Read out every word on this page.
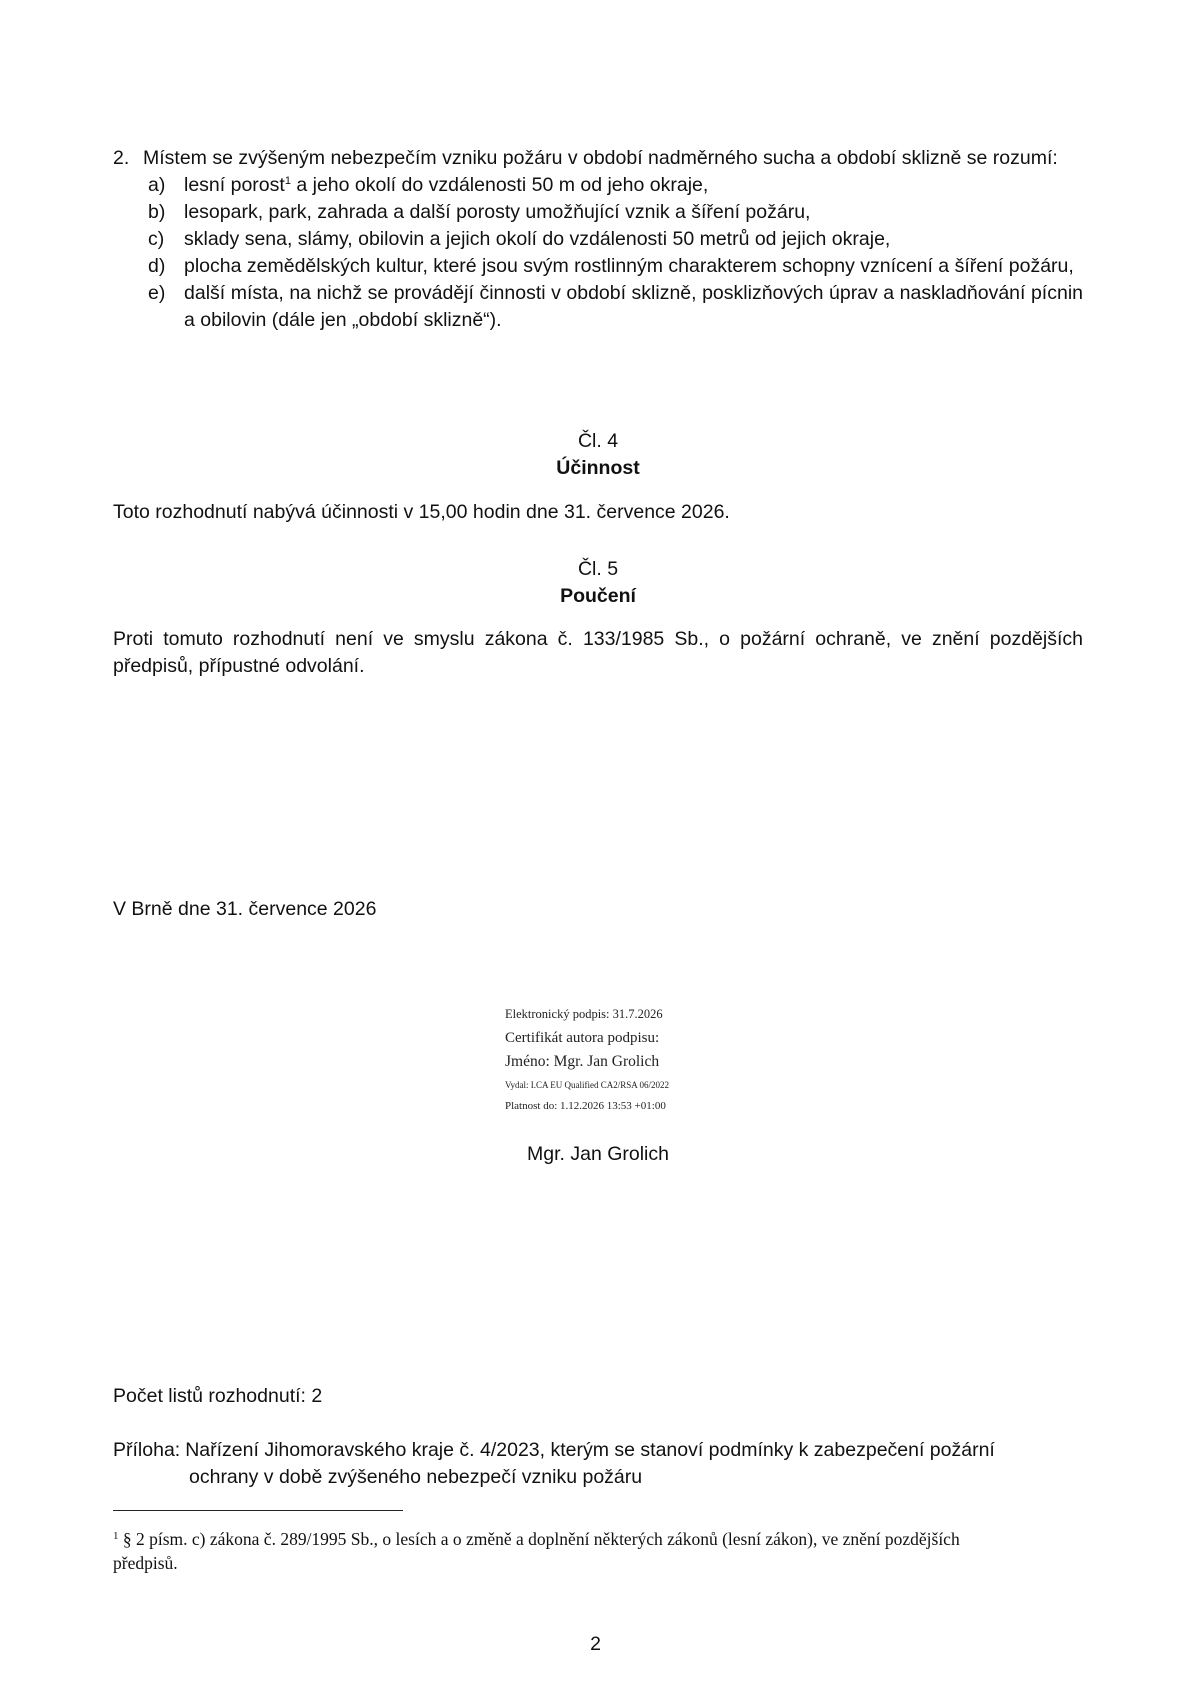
2. Místem se zvýšeným nebezpečím vzniku požáru v období nadměrného sucha a období sklizně se rozumí:
a) lesní porost$^1$ a jeho okolí do vzdálenosti 50 m od jeho okraje,
b) lesopark, park, zahrada a další porosty umožňující vznik a šíření požáru,
c)	sklady sena, slámy, obilovin a jejich okolí do vzdálenosti 50 metrů od jejich okraje,
d) plocha zemědělských kultur, které jsou svým rostlinným charakterem schopny vznícení a šíření požáru,
e) další místa, na nichž se provádějí činnosti v období sklizně, posklizňových úprav a naskladňování pícnin a obilovin (dále jen „období sklizně“).
Čl. 4
Účinnost
Toto rozhodnutí nabývá účinnosti v 15,00 hodin dne 31. července 2026.
Čl. 5
Poučení
Proti tomuto rozhodnutí není ve smyslu zákona č. 133/1985 Sb., o požární ochraně, ve znění pozdějších předpisů, přípustné odvolání.
V Brně dne 31. července 2026
Elektronický podpis: 31.7.2026
Certifikát autora podpisu:
Jméno: Mgr. Jan Grolich
Vydal: I.CA EU Qualified CA2/RSA 06/2022
Platnost do: 1.12.2026 13:53 +01:00
Mgr. Jan Grolich
Počet listů rozhodnutí: 2
Příloha: Nařízení Jihomoravského kraje č. 4/2023, kterým se stanoví podmínky k zabezpečení požární
ochrany v době zvýšeného nebezpečí vzniku požáru
$^1$ § 2 písm. c) zákona č. 289/1995 Sb., o lesích a o změně a doplnění některých zákonů (lesní zákon), ve znění pozdějších předpisů.
2
